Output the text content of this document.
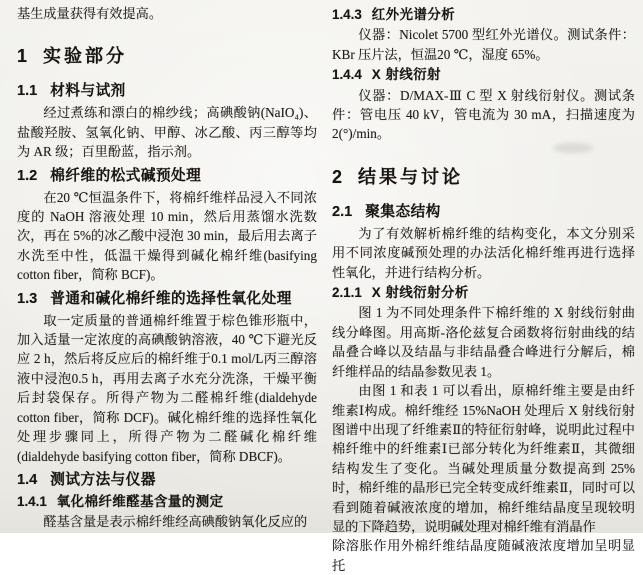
基生成量获得有效提高。
1 实验部分
1.1 材料与试剂
经过煮练和漂白的棉纱线；高碘酸钠(NaIO₄)、盐酸羟胺、氢氧化钠、甲醇、冰乙酸、丙三醇等均为 AR 级；百里酚蓝，指示剂。
1.2 棉纤维的松式碱预处理
在20 ℃恒温条件下，将棉纤维样品浸入不同浓度的 NaOH 溶液处理 10 min，然后用蒸馏水洗数次，再在 5%的冰乙酸中浸泡 30 min，最后用去离子水洗至中性，低温干燥得到碱化棉纤维(basifying cotton fiber，简称 BCF)。
1.3 普通和碱化棉纤维的选择性氧化处理
取一定质量的普通棉纤维置于棕色锥形瓶中，加入适量一定浓度的高碘酸钠溶液，40 ℃下避光反应 2 h，然后将反应后的棉纤维于0.1 mol/L丙三醇溶液中浸泡0.5 h，再用去离子水充分洗涤，干燥平衡后封袋保存。所得产物为二醛棉纤维(dialdehyde cotton fiber，简称 DCF)。碱化棉纤维的选择性氧化处理步骤同上，所得产物为二醛碱化棉纤维(dialdehyde basifying cotton fiber，简称 DBCF)。
1.4 测试方法与仪器
1.4.1 氧化棉纤维醛基含量的测定
醛基含量是表示棉纤维经高碘酸钠氧化反应的
1.4.3 红外光谱分析
仪器：Nicolet 5700 型红外光谱仪。测试条件：KBr 压片法，恒温20 ℃，湿度 65%。
1.4.4 X 射线衍射
仪器：D/MAX-Ⅲ C 型 X 射线衍射仪。测试条件：管电压 40 kV，管电流为 30 mA，扫描速度为 2(°)/min。
2 结果与讨论
2.1 聚集态结构
为了有效解析棉纤维的结构变化，本文分别采用不同浓度碱预处理的办法活化棉纤维再进行选择性氧化，并进行结构分析。
2.1.1 X 射线衍射分析
图 1 为不同处理条件下棉纤维的 X 射线衍射曲线分峰图。用高斯-洛伦兹复合函数将衍射曲线的结晶叠合峰以及结晶与非结晶叠合峰进行分解后，棉纤维样品的结晶参数见表 1。
由图 1 和表 1 可以看出，原棉纤维主要是由纤维素Ⅰ构成。棉纤维经 15%NaOH 处理后 X 射线衍射图谱中出现了纤维素Ⅱ的特征衍射峰，说明此过程中棉纤维中的纤维素Ⅰ已部分转化为纤维素Ⅱ，其微细结构发生了变化。当碱处理质量分数提高到 25%时，棉纤维的晶形已完全转变成纤维素Ⅱ，同时可以看到随着碱液浓度的增加，棉纤维结晶度呈现较明显的下降趋势，说明碱处理对棉纤维有消晶作
除溶胀作用外棉纤维结晶度随碱液浓度增加呈明显托
